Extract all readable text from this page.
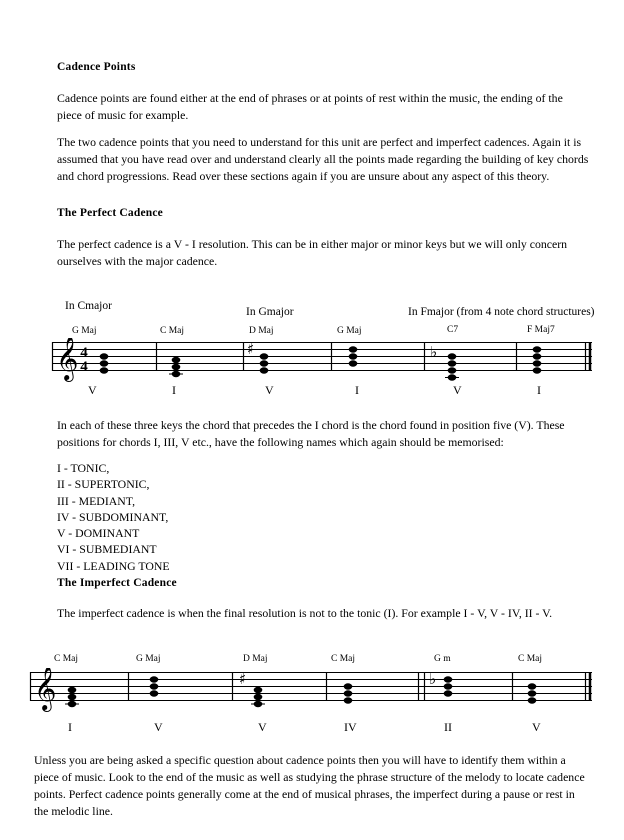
Cadence Points
Cadence points are found either at the end of phrases or at points of rest within the music, the ending of the piece of music for example.
The two cadence points that you need to understand for this unit are perfect and imperfect cadences. Again it is assumed that you have read over and understand clearly all the points made regarding the building of key chords and chord progressions. Read over these sections again if you are unsure about any aspect of this theory.
The Perfect Cadence
The perfect cadence is a V - I resolution. This can be in either major or minor keys but we will only concern ourselves with the major cadence.
In Cmajor	In Gmajor	In Fmajor (from 4 note chord structures)
G Maj	C Maj	D Maj	G Maj	C7	F Maj7
𝄞 4
4
♯	♭
V	I	V	I	V	I
In each of these three keys the chord that precedes the I chord is the chord found in position five (V). These positions for chords I, III, V etc., have the following names which again should be memorised:
I - TONIC,
II - SUPERTONIC,
III - MEDIANT,
IV - SUBDOMINANT,
V - DOMINANT
VI - SUBMEDIANT
VII - LEADING TONE
The Imperfect Cadence
The imperfect cadence is when the final resolution is not to the tonic (I). For example I - V, V - IV, II - V.
C Maj	G Maj	D Maj	C Maj	G m	C Maj
𝄞	♯	♭
I	V	V	IV	II	V
Unless you are being asked a specific question about cadence points then you will have to identify them within a piece of music. Look to the end of the music as well as studying the phrase structure of the melody to locate cadence points. Perfect cadence points generally come at the end of musical phrases, the imperfect during a pause or rest in the melodic line.
